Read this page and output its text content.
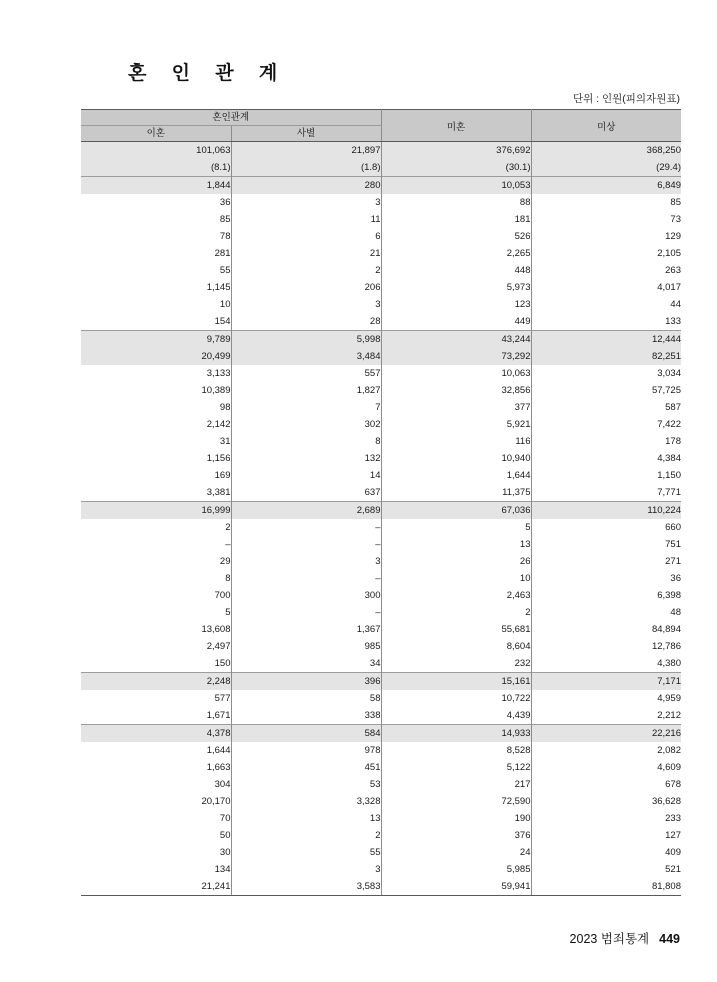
혼 인 관 계
단위 : 인원(피의자원표)
혼인관계		미혼	미상
이혼	사별		
101,063	21,897	376,692	368,250
(8.1)	(1.8)	(30.1)	(29.4)
1,844	280	10,053	6,849
36	3	88	85
85	11	181	73
78	6	526	129
281	21	2,265	2,105
55	2	448	263
1,145	206	5,973	4,017
10	3	123	44
154	28	449	133
9,789	5,998	43,244	12,444
20,499	3,484	73,292	82,251
3,133	557	10,063	3,034
10,389	1,827	32,856	57,725
98	7	377	587
2,142	302	5,921	7,422
31	8	116	178
1,156	132	10,940	4,384
169	14	1,644	1,150
3,381	637	11,375	7,771
16,999	2,689	67,036	110,224
2	–	5	660
–	–	13	751
29	3	26	271
8	–	10	36
700	300	2,463	6,398
5	–	2	48
13,608	1,367	55,681	84,894
2,497	985	8,604	12,786
150	34	232	4,380
2,248	396	15,161	7,171
577	58	10,722	4,959
1,671	338	4,439	2,212
4,378	584	14,933	22,216
1,644	978	8,528	2,082
1,663	451	5,122	4,609
304	53	217	678
20,170	3,328	72,590	36,628
70	13	190	233
50	2	376	127
30	55	24	409
134	3	5,985	521
21,241	3,583	59,941	81,808
2023 범죄통계 449
